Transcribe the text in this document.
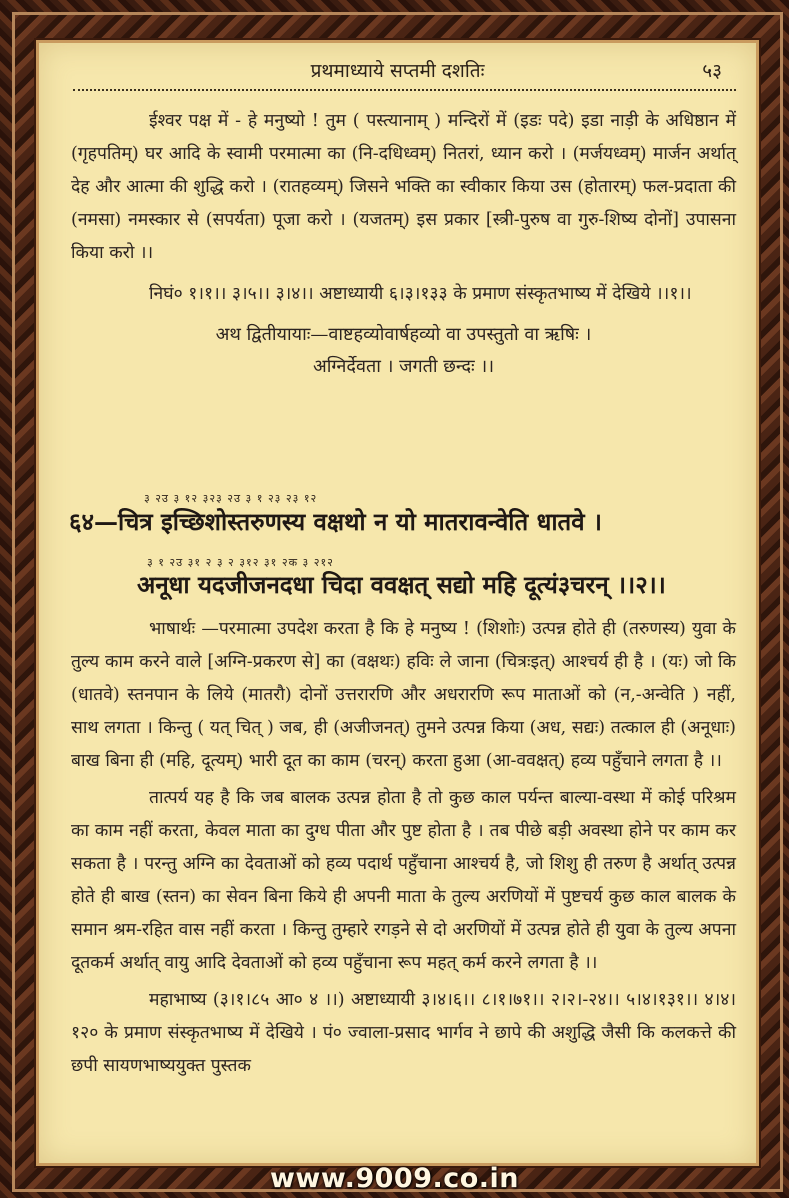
प्रथमाध्याये सप्तमी दशतिः	५३

ईश्वर पक्ष में - हे मनुष्यो ! तुम ( पस्त्यानाम् ) मन्दिरों में (इडः पदे) इडा नाड़ी के अधिष्ठान में (गृहपतिम्) घर आदि के स्वामी परमात्मा का (नि-दधिध्वम्) नितरां, ध्यान करो । (मर्जयध्वम्) मार्जन अर्थात् देह और आत्मा की शुद्धि करो । (रातहव्यम्) जिसने भक्ति का स्वीकार किया उस (होतारम्) फल-प्रदाता की (नमसा) नमस्कार से (सपर्यता) पूजा करो । (यजतम्) इस प्रकार [स्त्री-पुरुष वा गुरु-शिष्य दोनों] उपासना किया करो ।।

निघं० १।१।। ३।५।। ३।४।। अष्टाध्यायी ६।३।१३३ के प्रमाण संस्कृतभाष्य में देखिये ।।१।।

अथ द्वितीयायाः—वाष्टहव्योवार्षहव्यो वा उपस्तुतो वा ऋषिः ।

अग्निर्देवता । जगती छन्दः ।।

३ २उ ३ १२ ३२३ २उ ३ १ २३ २३ १२
६४—चित्र इच्छिशोस्तरुणस्य वक्षथो न यो मातरावन्वेति धातवे ।
३ १ २उ ३१ २ ३ २ ३१२ ३१ २क ३ २१२
अनूधा यदजीजनदधा चिदा ववक्षत् सद्यो महि दूत्यं३चरन् ।।२।।

भाषार्थः —परमात्मा उपदेश करता है कि हे मनुष्य ! (शिशोः) उत्पन्न होते ही (तरुणस्य) युवा के तुल्य काम करने वाले [अग्नि-प्रकरण से] का (वक्षथः) हविः ले जाना (चित्रःइत्) आश्चर्य ही है । (यः) जो कि (धातवे) स्तनपान के लिये (मातरौ) दोनों उत्तरारणि और अधरारणि रूप माताओं को (न,-अन्वेति ) नहीं, साथ लगता । किन्तु ( यत् चित् ) जब, ही (अजीजनत्) तुमने उत्पन्न किया (अध, सद्यः) तत्काल ही (अनूधाः) बाख बिना ही (महि, दूत्यम्) भारी दूत का काम (चरन्) करता हुआ (आ-ववक्षत्) हव्य पहुँचाने लगता है ।।

तात्पर्य यह है कि जब बालक उत्पन्न होता है तो कुछ काल पर्यन्त बाल्या-वस्था में कोई परिश्रम का काम नहीं करता, केवल माता का दुग्ध पीता और पुष्ट होता है । तब पीछे बड़ी अवस्था होने पर काम कर सकता है । परन्तु अग्नि का देवताओं को हव्य पदार्थ पहुँचाना आश्चर्य है, जो शिशु ही तरुण है अर्थात् उत्पन्न होते ही बाख (स्तन) का सेवन बिना किये ही अपनी माता के तुल्य अरणियों में पुष्टचर्य कुछ काल बालक के समान श्रम-रहित वास नहीं करता । किन्तु तुम्हारे रगड़ने से दो अरणियों में उत्पन्न होते ही युवा के तुल्य अपना दूतकर्म अर्थात् वायु आदि देवताओं को हव्य पहुँचाना रूप महत् कर्म करने लगता है ।।

महाभाष्य (३।१।८५ आ० ४ ।।) अष्टाध्यायी ३।४।६।। ८।१।७१।। २।२।-२४।। ५।४।१३१।। ४।४।१२० के प्रमाण संस्कृतभाष्य में देखिये । पं० ज्वाला-प्रसाद भार्गव ने छापे की अशुद्धि जैसी कि कलकत्ते की छपी सायणभाष्ययुक्त पुस्तक

www.9009.co.in
